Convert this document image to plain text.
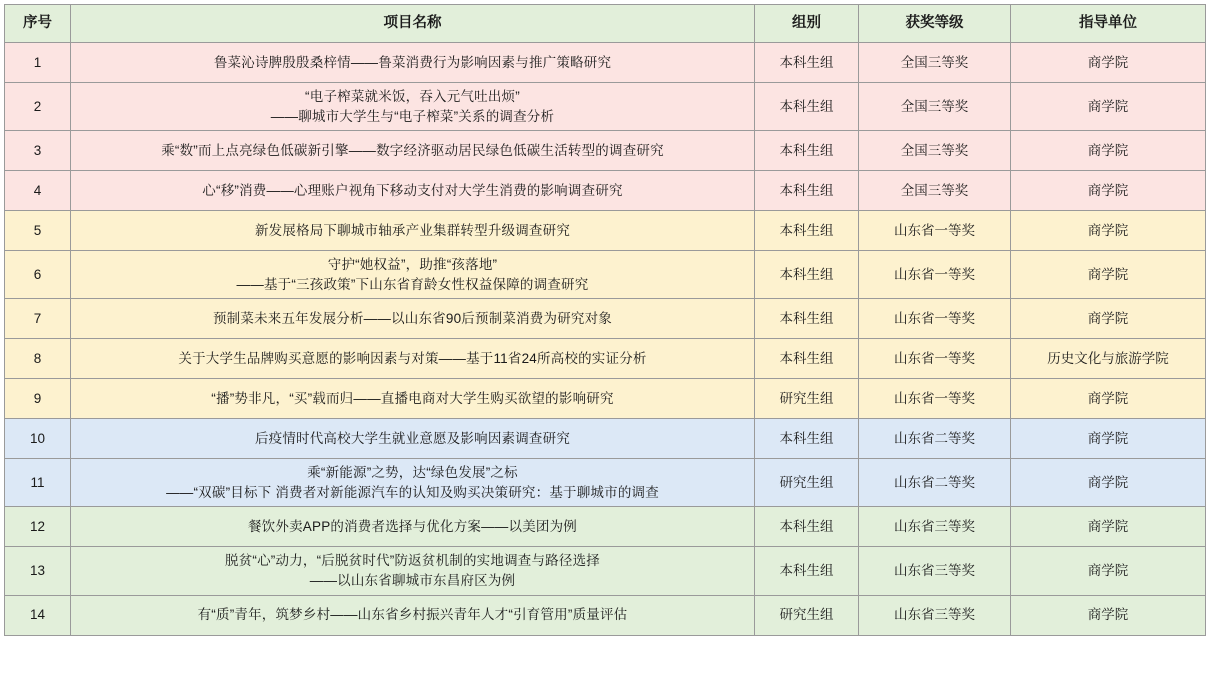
序号	项目名称	组别	获奖等级	指导单位
1	鲁菜沁诗脾殷殷桑梓情――鲁菜消费行为影响因素与推广策略研究	本科生组	全国三等奖	商学院
2	“电子榨菜就米饭，吞入元气吐出烦”
――聊城市大学生与“电子榨菜”关系的调查分析	本科生组	全国三等奖	商学院
3	乘“数”而上点亮绿色低碳新引擎――数字经济驱动居民绿色低碳生活转型的调查研究	本科生组	全国三等奖	商学院
4	心“移”消费――心理账户视角下移动支付对大学生消费的影响调查研究	本科生组	全国三等奖	商学院
5	新发展格局下聊城市轴承产业集群转型升级调查研究	本科生组	山东省一等奖	商学院
6	守护“她权益”，助推“孩落地”
――基于“三孩政策”下山东省育龄女性权益保障的调查研究	本科生组	山东省一等奖	商学院
7	预制菜未来五年发展分析――以山东省90后预制菜消费为研究对象	本科生组	山东省一等奖	商学院
8	关于大学生品牌购买意愿的影响因素与对策――基于11省24所高校的实证分析	本科生组	山东省一等奖	历史文化与旅游学院
9	“播”势非凡，“买”载而归――直播电商对大学生购买欲望的影响研究	研究生组	山东省一等奖	商学院
10	后疫情时代高校大学生就业意愿及影响因素调查研究	本科生组	山东省二等奖	商学院
11	乘“新能源”之势，达“绿色发展”之标
――“双碳”目标下 消费者对新能源汽车的认知及购买决策研究：基于聊城市的调查	研究生组	山东省二等奖	商学院
12	餐饮外卖APP的消费者选择与优化方案――以美团为例	本科生组	山东省三等奖	商学院
13	脱贫“心”动力，“后脱贫时代”防返贫机制的实地调查与路径选择
――以山东省聊城市东昌府区为例	本科生组	山东省三等奖	商学院
14	有“质”青年，筑梦乡村――山东省乡村振兴青年人才“引育管用”质量评估	研究生组	山东省三等奖	商学院
